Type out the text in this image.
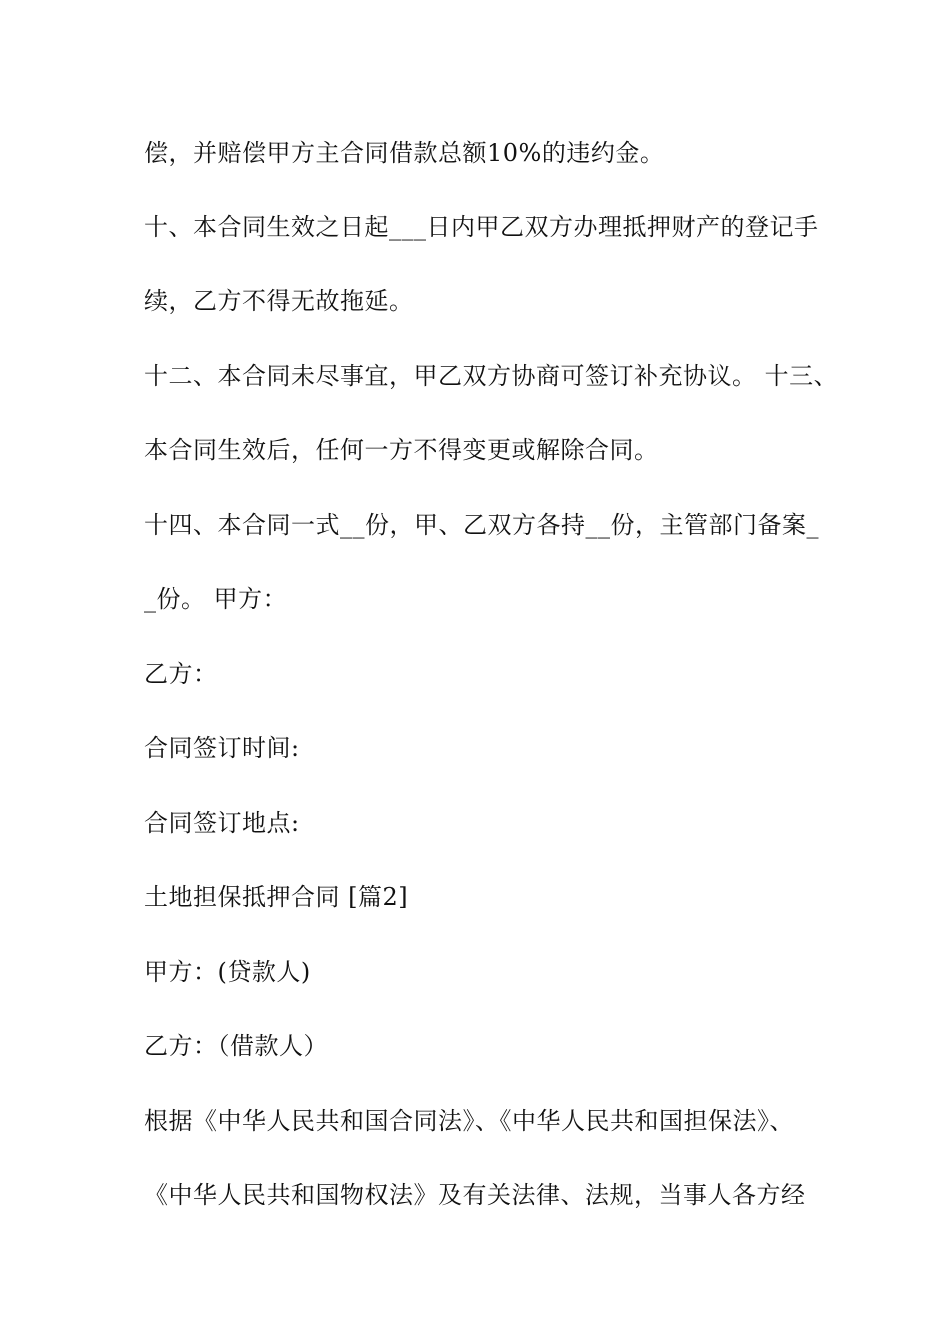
偿，并赔偿甲方主合同借款总额10%的违约金。
十、本合同生效之日起___日内甲乙双方办理抵押财产的登记手
续，乙方不得无故拖延。
十二、本合同未尽事宜，甲乙双方协商可签订补充协议。 十三、
本合同生效后，任何一方不得变更或解除合同。
十四、本合同一式__份，甲、乙双方各持__份，主管部门备案_
_份。 甲方：
乙方：
合同签订时间:
合同签订地点:
土地担保抵押合同 [篇2]
甲方：(贷款人)
乙方：（借款人）
根据《中华人民共和国合同法》、《中华人民共和国担保法》、
《中华人民共和国物权法》及有关法律、法规，当事人各方经
